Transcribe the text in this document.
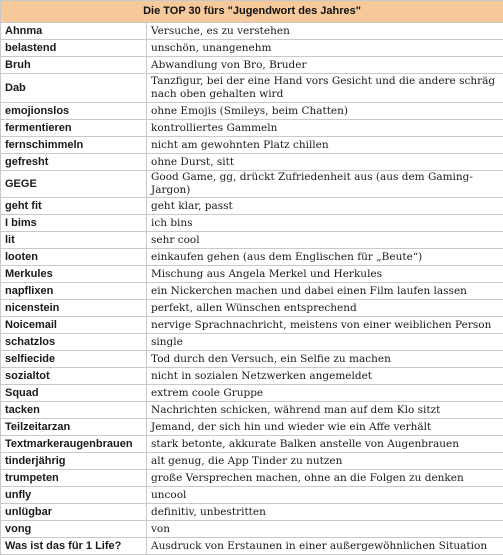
Die TOP 30 fürs "Jugendwort des Jahres"	
Ahnma	Versuche, es zu verstehen
belastend	unschön, unangenehm
Bruh	Abwandlung von Bro, Bruder
Dab	Tanzfigur, bei der eine Hand vors Gesicht und die andere schräg nach oben gehalten wird
emojionslos	ohne Emojis (Smileys, beim Chatten)
fermentieren	kontrolliertes Gammeln
fernschimmeln	nicht am gewohnten Platz chillen
gefresht	ohne Durst, sitt
GEGE	Good Game, gg, drückt Zufriedenheit aus (aus dem Gaming-Jargon)
geht fit	geht klar, passt
I bims	ich bins
lit	sehr cool
looten	einkaufen gehen (aus dem Englischen für „Beute“)
Merkules	Mischung aus Angela Merkel und Herkules
napflixen	ein Nickerchen machen und dabei einen Film laufen lassen
nicenstein	perfekt, allen Wünschen entsprechend
Noicemail	nervige Sprachnachricht, meistens von einer weiblichen Person
schatzlos	single
selfiecide	Tod durch den Versuch, ein Selfie zu machen
sozialtot	nicht in sozialen Netzwerken angemeldet
Squad	extrem coole Gruppe
tacken	Nachrichten schicken, während man auf dem Klo sitzt
Teilzeitarzan	Jemand, der sich hin und wieder wie ein Affe verhält
Textmarkeraugenbrauen	stark betonte, akkurate Balken anstelle von Augenbrauen
tinderjährig	alt genug, die App Tinder zu nutzen
trumpeten	große Versprechen machen, ohne an die Folgen zu denken
unfly	uncool
unlügbar	definitiv, unbestritten
vong	von
Was ist das für 1 Life?	Ausdruck von Erstaunen in einer außergewöhnlichen Situation
